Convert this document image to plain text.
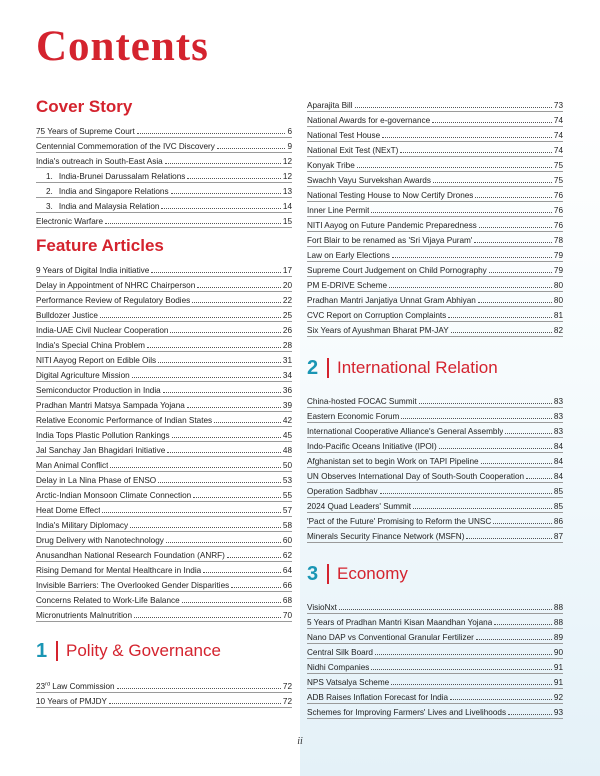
Contents
Cover Story
75 Years of Supreme Court	6
Centennial Commemoration of the IVC Discovery	9
India's outreach in South-East Asia	12
1. India-Brunei Darussalam Relations	12
2. India and Singapore Relations	13
3. India and Malaysia Relation	14
Electronic Warfare	15
Feature Articles
9 Years of Digital India initiative	17
Delay in Appointment of NHRC Chairperson	20
Performance Review of Regulatory Bodies	22
Bulldozer Justice	25
India-UAE Civil Nuclear Cooperation	26
India's Special China Problem	28
NITI Aayog Report on Edible Oils	31
Digital Agriculture Mission	34
Semiconductor Production in India	36
Pradhan Mantri Matsya Sampada Yojana	39
Relative Economic Performance of Indian States	42
India Tops Plastic Pollution Rankings	45
Jal Sanchay Jan Bhagidari Initiative	48
Man Animal Conflict	50
Delay in La Nina Phase of ENSO	53
Arctic-Indian Monsoon Climate Connection	55
Heat Dome Effect	57
India's Military Diplomacy	58
Drug Delivery with Nanotechnology	60
Anusandhan National Research Foundation (ANRF)	62
Rising Demand for Mental Healthcare in India	64
Invisible Barriers: The Overlooked Gender Disparities	66
Concerns Related to Work-Life Balance	68
Micronutrients Malnutrition	70
1 Polity & Governance
23rd Law Commission	72
10 Years of PMJDY	72
Aparajita Bill	73
National Awards for e-governance	74
National Test House	74
National Exit Test (NExT)	74
Konyak Tribe	75
Swachh Vayu Survekshan Awards	75
National Testing House to Now Certify Drones	76
Inner Line Permit	76
NITI Aayog on Future Pandemic Preparedness	76
Fort Blair to be renamed as 'Sri Vijaya Puram'	78
Law on Early Elections	79
Supreme Court Judgement on Child Pornography	79
PM E-DRIVE Scheme	80
Pradhan Mantri Janjatiya Unnat Gram Abhiyan	80
CVC Report on Corruption Complaints	81
Six Years of Ayushman Bharat PM-JAY	82
2 International Relation
China-hosted FOCAC Summit	83
Eastern Economic Forum	83
International Cooperative Alliance's General Assembly	83
Indo-Pacific Oceans Initiative (IPOI)	84
Afghanistan set to begin Work on TAPI Pipeline	84
UN Observes International Day of South-South Cooperation	84
Operation Sadbhav	85
2024 Quad Leaders' Summit	85
'Pact of the Future' Promising to Reform the UNSC	86
Minerals Security Finance Network (MSFN)	87
3 Economy
VisioNxt	88
5 Years of Pradhan Mantri Kisan Maandhan Yojana	88
Nano DAP vs Conventional Granular Fertilizer	89
Central Silk Board	90
Nidhi Companies	91
NPS Vatsalya Scheme	91
ADB Raises Inflation Forecast for India	92
Schemes for Improving Farmers' Lives and Livelihoods	93
ii
